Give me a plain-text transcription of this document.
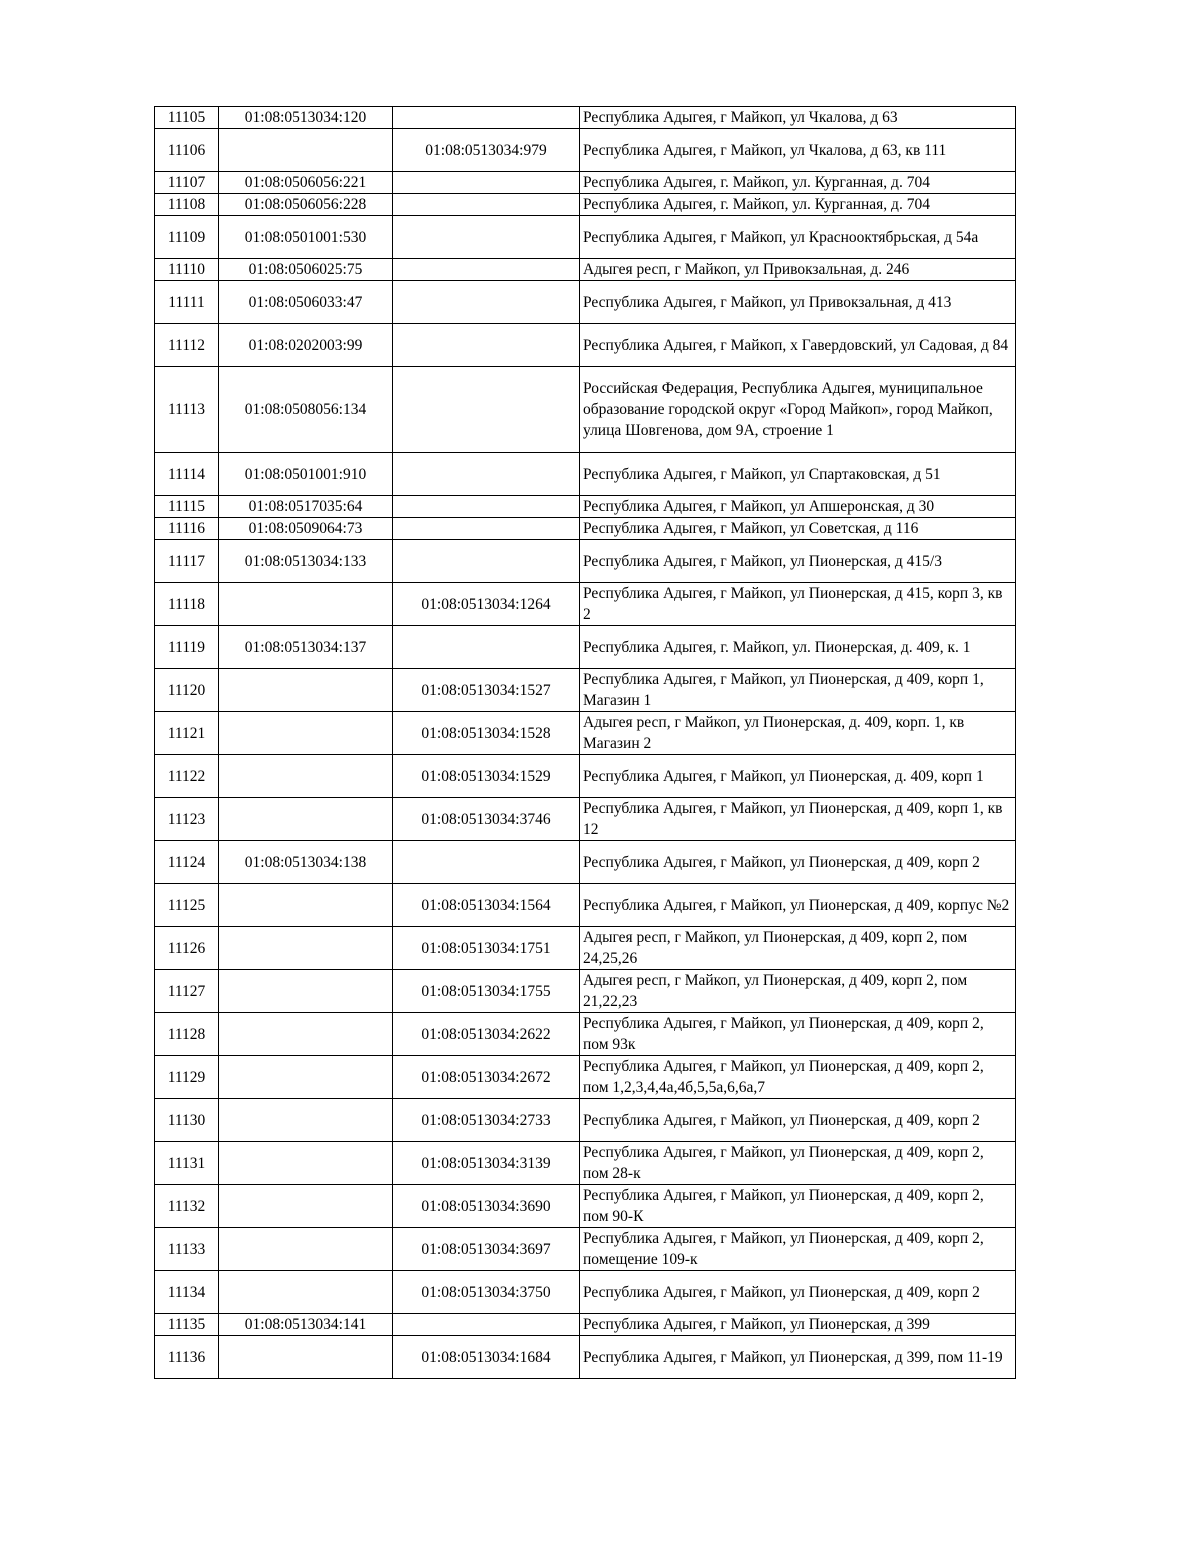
11105	01:08:0513034:120		Республика Адыгея, г Майкоп, ул Чкалова, д 63
11106		01:08:0513034:979	Республика Адыгея, г Майкоп, ул Чкалова, д 63, кв 111
11107	01:08:0506056:221		Республика Адыгея, г. Майкоп, ул. Курганная, д. 704
11108	01:08:0506056:228		Республика Адыгея, г. Майкоп, ул. Курганная, д. 704
11109	01:08:0501001:530		Республика Адыгея, г Майкоп, ул Краснооктябрьская, д 54а
11110	01:08:0506025:75		Адыгея респ, г Майкоп, ул Привокзальная, д. 246
11111	01:08:0506033:47		Республика Адыгея, г Майкоп, ул Привокзальная, д 413
11112	01:08:0202003:99		Республика Адыгея, г Майкоп, х Гавердовский, ул Садовая, д 84
11113	01:08:0508056:134		Российская Федерация, Республика Адыгея, муниципальное образование городской округ «Город Майкоп», город Майкоп, улица Шовгенова, дом 9А, строение 1
11114	01:08:0501001:910		Республика Адыгея, г Майкоп, ул Спартаковская, д 51
11115	01:08:0517035:64		Республика Адыгея, г Майкоп, ул Апшеронская, д 30
11116	01:08:0509064:73		Республика Адыгея, г Майкоп, ул Советская, д 116
11117	01:08:0513034:133		Республика Адыгея, г Майкоп, ул Пионерская, д 415/3
11118		01:08:0513034:1264	Республика Адыгея, г Майкоп, ул Пионерская, д 415, корп 3, кв 2
11119	01:08:0513034:137		Республика Адыгея, г. Майкоп, ул. Пионерская, д. 409, к. 1
11120		01:08:0513034:1527	Республика Адыгея, г Майкоп, ул Пионерская, д 409, корп 1, Магазин 1
11121		01:08:0513034:1528	Адыгея респ, г Майкоп, ул Пионерская, д. 409, корп. 1, кв Магазин 2
11122		01:08:0513034:1529	Республика Адыгея, г Майкоп, ул Пионерская, д. 409, корп 1
11123		01:08:0513034:3746	Республика Адыгея, г Майкоп, ул Пионерская, д 409, корп 1, кв 12
11124	01:08:0513034:138		Республика Адыгея, г Майкоп, ул Пионерская, д 409, корп 2
11125		01:08:0513034:1564	Республика Адыгея, г Майкоп, ул Пионерская, д 409, корпус №2
11126		01:08:0513034:1751	Адыгея респ, г Майкоп, ул Пионерская, д 409, корп 2, пом 24,25,26
11127		01:08:0513034:1755	Адыгея респ, г Майкоп, ул Пионерская, д 409, корп 2, пом 21,22,23
11128		01:08:0513034:2622	Республика Адыгея, г Майкоп, ул Пионерская, д 409, корп 2, пом 93к
11129		01:08:0513034:2672	Республика Адыгея, г Майкоп, ул Пионерская, д 409, корп 2, пом 1,2,3,4,4а,4б,5,5а,6,6а,7
11130		01:08:0513034:2733	Республика Адыгея, г Майкоп, ул Пионерская, д 409, корп 2
11131		01:08:0513034:3139	Республика Адыгея, г Майкоп, ул Пионерская, д 409, корп 2, пом 28-к
11132		01:08:0513034:3690	Республика Адыгея, г Майкоп, ул Пионерская, д 409, корп 2, пом 90-К
11133		01:08:0513034:3697	Республика Адыгея, г Майкоп, ул Пионерская, д 409, корп 2, помещение 109-к
11134		01:08:0513034:3750	Республика Адыгея, г Майкоп, ул Пионерская, д 409, корп 2
11135	01:08:0513034:141		Республика Адыгея, г Майкоп, ул Пионерская, д 399
11136		01:08:0513034:1684	Республика Адыгея, г Майкоп, ул Пионерская, д 399, пом 11-19
